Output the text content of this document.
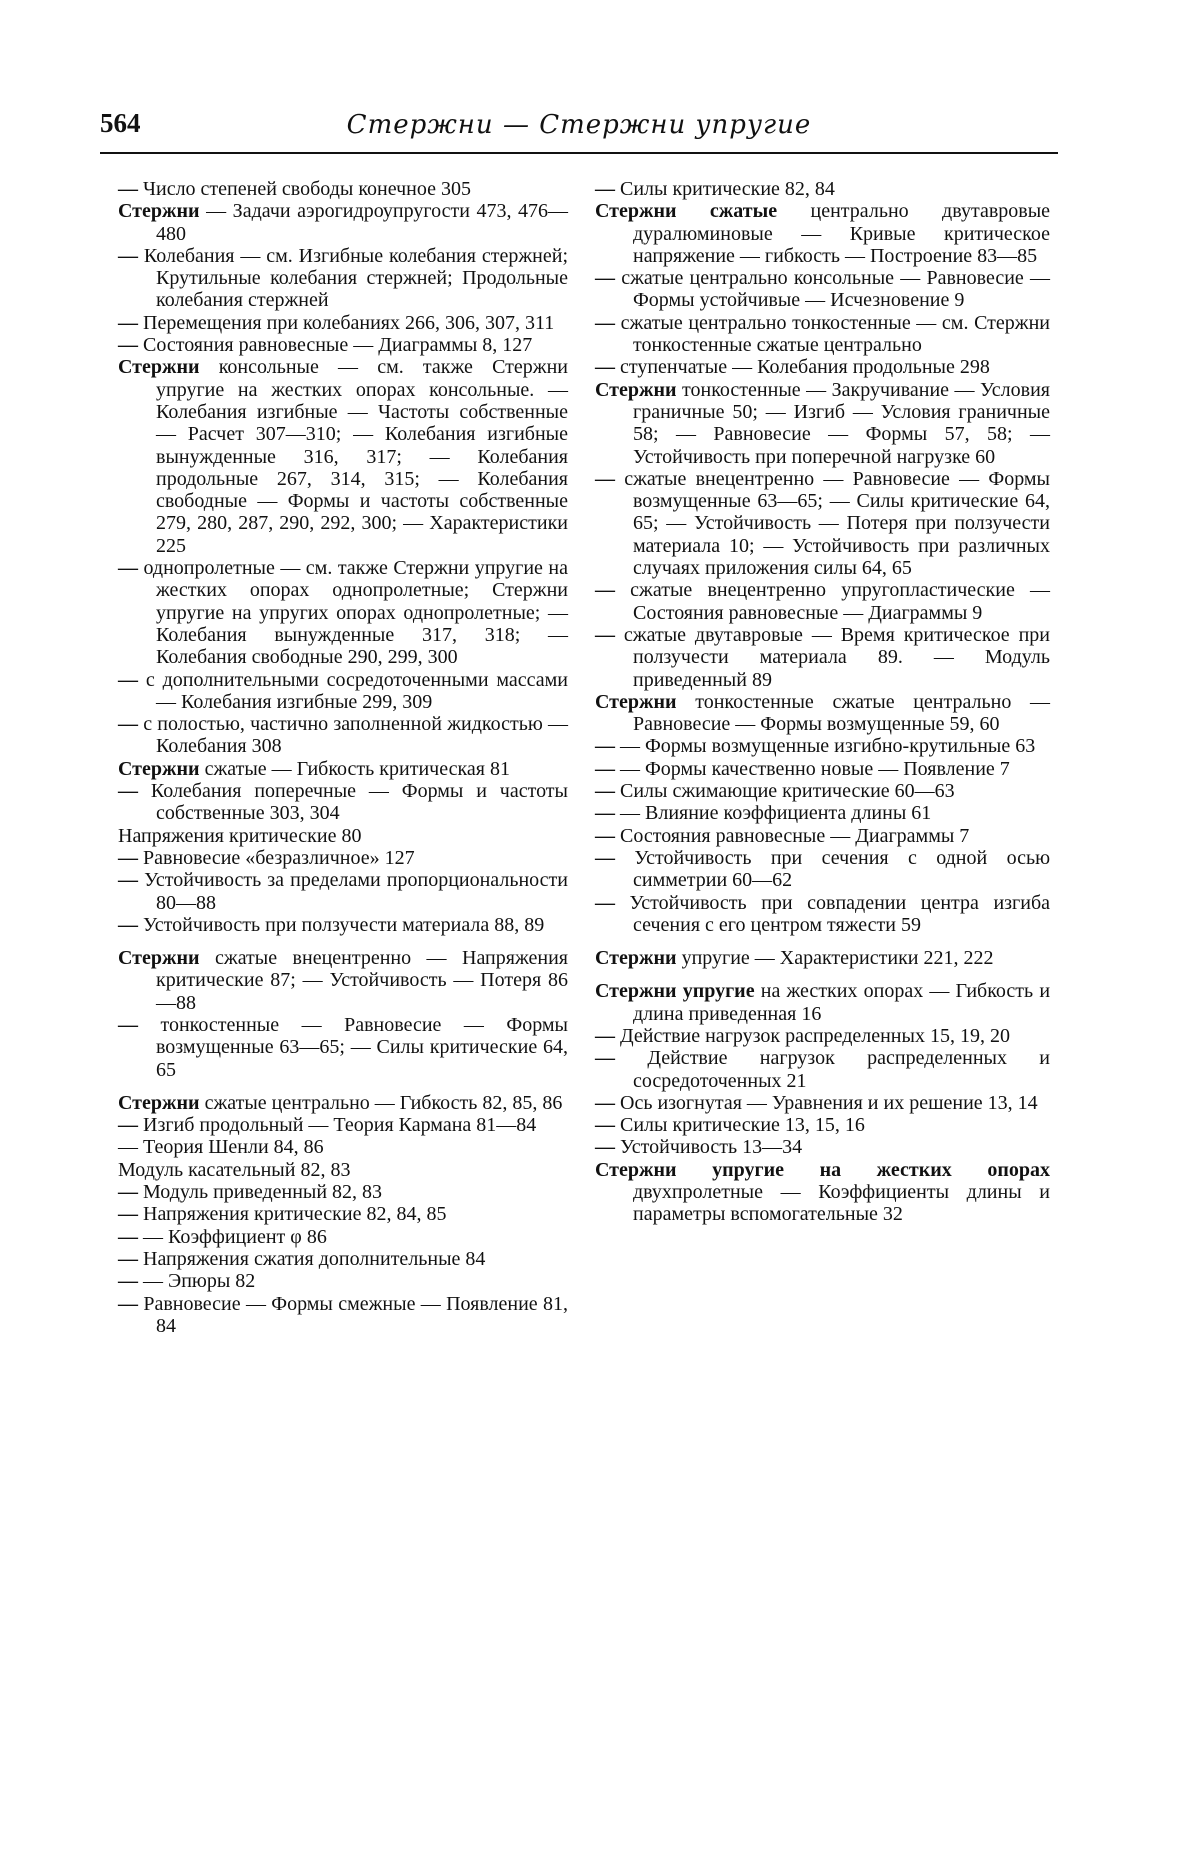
564	Стержни — Стержни упругие

— Число степеней свободы конечное 305

Стержни — Задачи аэрогидроупругости 473, 476—480

— Колебания — см. Изгибные колебания стержней; Крутильные колебания стержней; Продольные колебания стержней

— Перемещения при колебаниях 266, 306, 307, 311

— Состояния равновесные — Диаграммы 8, 127

Стержни консольные — см. также Стержни упругие на жестких опорах консольные. — Колебания изгибные — Частоты собственные — Расчет 307—310; — Колебания изгибные вынужденные 316, 317; — Колебания продольные 267, 314, 315; — Колебания свободные — Формы и частоты собственные 279, 280, 287, 290, 292, 300; — Характеристики 225

— однопролетные — см. также Стержни упругие на жестких опорах однопролетные; Стержни упругие на упругих опорах однопролетные; — Колебания вынужденные 317, 318; — Колебания свободные 290, 299, 300

— с дополнительными сосредоточенными массами — Колебания изгибные 299, 309

— с полостью, частично заполненной жидкостью — Колебания 308

Стержни сжатые — Гибкость критическая 81

— Колебания поперечные — Формы и частоты собственные 303, 304

Напряжения критические 80

— Равновесие «безразличное» 127

— Устойчивость за пределами пропорциональности 80—88

— Устойчивость при ползучести материала 88, 89

Стержни сжатые внецентренно — Напряжения критические 87; — Устойчивость — Потеря 86—88

— тонкостенные — Равновесие — Формы возмущенные 63—65; — Силы критические 64, 65

Стержни сжатые центрально — Гибкость 82, 85, 86

— Изгиб продольный — Теория Кармана 81—84

— Теория Шенли 84, 86

Модуль касательный 82, 83

— Модуль приведенный 82, 83

— Напряжения критические 82, 84, 85

— — Коэффициент φ 86

— Напряжения сжатия дополнительные 84

— — Эпюры 82

— Равновесие — Формы смежные — Появление 81, 84

— Силы критические 82, 84

Стержни сжатые центрально двутавровые дуралюминовые — Кривые критическое напряжение — гибкость — Построение 83—85

— сжатые центрально консольные — Равновесие — Формы устойчивые — Исчезновение 9

— сжатые центрально тонкостенные — см. Стержни тонкостенные сжатые центрально

— ступенчатые — Колебания продольные 298

Стержни тонкостенные — Закручивание — Условия граничные 50; — Изгиб — Условия граничные 58; — Равновесие — Формы 57, 58; — Устойчивость при поперечной нагрузке 60

— сжатые внецентренно — Равновесие — Формы возмущенные 63—65; — Силы критические 64, 65; — Устойчивость — Потеря при ползучести материала 10; — Устойчивость при различных случаях приложения силы 64, 65

— сжатые внецентренно упругопластические — Состояния равновесные — Диаграммы 9

— сжатые двутавровые — Время критическое при ползучести материала 89. — Модуль приведенный 89

Стержни тонкостенные сжатые центрально — Равновесие — Формы возмущенные 59, 60

— — Формы возмущенные изгибно-крутильные 63

— — Формы качественно новые — Появление 7

— Силы сжимающие критические 60—63

— — Влияние коэффициента длины 61

— Состояния равновесные — Диаграммы 7

— Устойчивость при сечения с одной осью симметрии 60—62

— Устойчивость при совпадении центра изгиба сечения с его центром тяжести 59

Стержни упругие — Характеристики 221, 222

Стержни упругие на жестких опорах — Гибкость и длина приведенная 16

— Действие нагрузок распределенных 15, 19, 20

— Действие нагрузок распределенных и сосредоточенных 21

— Ось изогнутая — Уравнения и их решение 13, 14

— Силы критические 13, 15, 16

— Устойчивость 13—34

Стержни упругие на жестких опорах двухпролетные — Коэффициенты длины и параметры вспомогательные 32
